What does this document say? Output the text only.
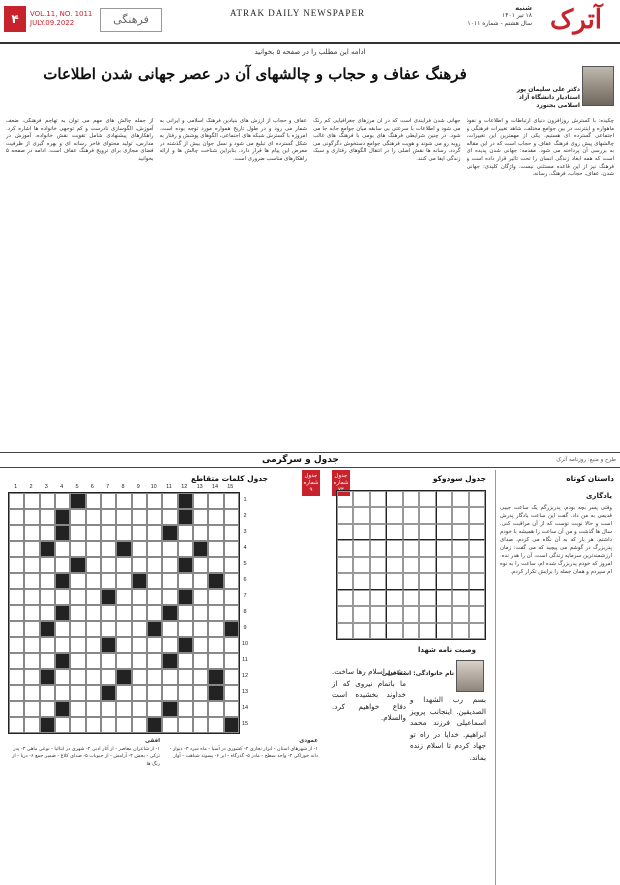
آترک
شنبه
۱۸ تیر ۱۴۰۱
سال هشتم - شماره ۱۰۱۱
ATRAK DAILY NEWSPAPER
فرهنگی
VOL.11, NO. 1011
JULY.09.2022
۴
ادامه این مطلب را در صفحه ۵ بخوانید
فرهنگ عفاف و حجاب و چالشهای آن در عصر جهانی شدن اطلاعات
دکتر علی سلیمان پور
استادیار دانشگاه آزاد اسلامی بجنورد
چکیده: با گسترش روزافزون دنیای ارتباطات و اطلاعات و نفوذ ماهواره و اینترنت در بین جوامع مختلف، شاهد تغییرات فرهنگی و اجتماعی گسترده ای هستیم. یکی از مهمترین این تغییرات، چالشهای پیش روی فرهنگ عفاف و حجاب است که در این مقاله به بررسی آن پرداخته می شود. مقدمه: جهانی شدن پدیده ای است که همه ابعاد زندگی انسان را تحت تاثیر قرار داده است و فرهنگ نیز از این قاعده مستثنی نیست. واژگان کلیدی: جهانی شدن، عفاف، حجاب، فرهنگ، رسانه.
جهانی شدن فرایندی است که در آن مرزهای جغرافیایی کم رنگ می شود و اطلاعات با سرعتی بی سابقه میان جوامع جابه جا می شود. در چنین شرایطی فرهنگ های بومی با فرهنگ های غالب روبه رو می شوند و هویت فرهنگی جوامع دستخوش دگرگونی می گردد. رسانه ها نقش اصلی را در انتقال الگوهای رفتاری و سبک زندگی ایفا می کنند.
عفاف و حجاب از ارزش های بنیادین فرهنگ اسلامی و ایرانی به شمار می رود و در طول تاریخ همواره مورد توجه بوده است. امروزه با گسترش شبکه های اجتماعی، الگوهای پوشش و رفتار به شکل گسترده ای تبلیغ می شود و نسل جوان بیش از گذشته در معرض این پیام ها قرار دارد. بنابراین شناخت چالش ها و ارائه راهکارهای مناسب ضروری است.
از جمله چالش های مهم می توان به تهاجم فرهنگی، ضعف آموزش، الگوسازی نادرست و کم توجهی خانواده ها اشاره کرد. راهکارهای پیشنهادی شامل تقویت نقش خانواده، آموزش در مدارس، تولید محتوای فاخر رسانه ای و بهره گیری از ظرفیت فضای مجازی برای ترویج فرهنگ عفاف است. ادامه در صفحه ۵ بخوانید
طرح و منبع: روزنامه آترک
جدول و سرگرمی
داستان کوتاه
یادگاری
وقتی پسر بچه بودم، پدربزرگم یک ساعت جیبی قدیمی به من داد. گفت این ساعت یادگار پدرش است و حالا نوبت توست که از آن مراقبت کنی. سال ها گذشت و من آن ساعت را همیشه با خودم داشتم. هر بار که به آن نگاه می کردم، صدای پدربزرگ در گوشم می پیچید که می گفت: زمان ارزشمندترین سرمایه زندگی است، آن را هدر نده. امروز که خودم پدربزرگ شده ام، ساعت را به نوه ام سپردم و همان جمله را برایش تکرار کردم.
جدول سودوکو
جدول شماره ۷۴
وصیت نامه شهدا
نام خانوادگی: اسماعیلی
بسم رب الشهدا و الصدیقین. اینجانب پرویز اسماعیلی فرزند محمد ابراهیم. خدایا در راه تو جهاد کردم تا اسلام زنده بماند.
دشمن اسلام رها ساخت. ما باتمام نیروی که از خداوند بخشیده است دفاع خواهیم کرد. والسلام.
جدول کلمات متقاطع	جدول شماره ۹
1	2	3	4	5	6	7	8	9	10	11	12	13	14	15
1
2
3
4
5
6
7
8
9
10
11
12
13
14
15
عمودی
۱- از شهرهای استان - ابزار نجاری ۲- کشوری در آسیا - ماه سرد ۳- دیوار - دانه خوراکی ۴- واحد سطح - مادر ۵- گذرگاه - ابر ۶- پسوند شباهت - آواز
افقی
۱- از شاعران معاصر - از آثار ادبی ۲- شهری در ایتالیا - نوعی ماهی ۳- پدر ترکی - بخش ۴- آرامش - از حبوبات ۵- صدای کلاغ - ضمیر جمع ۶- دریا - از رنگ ها
